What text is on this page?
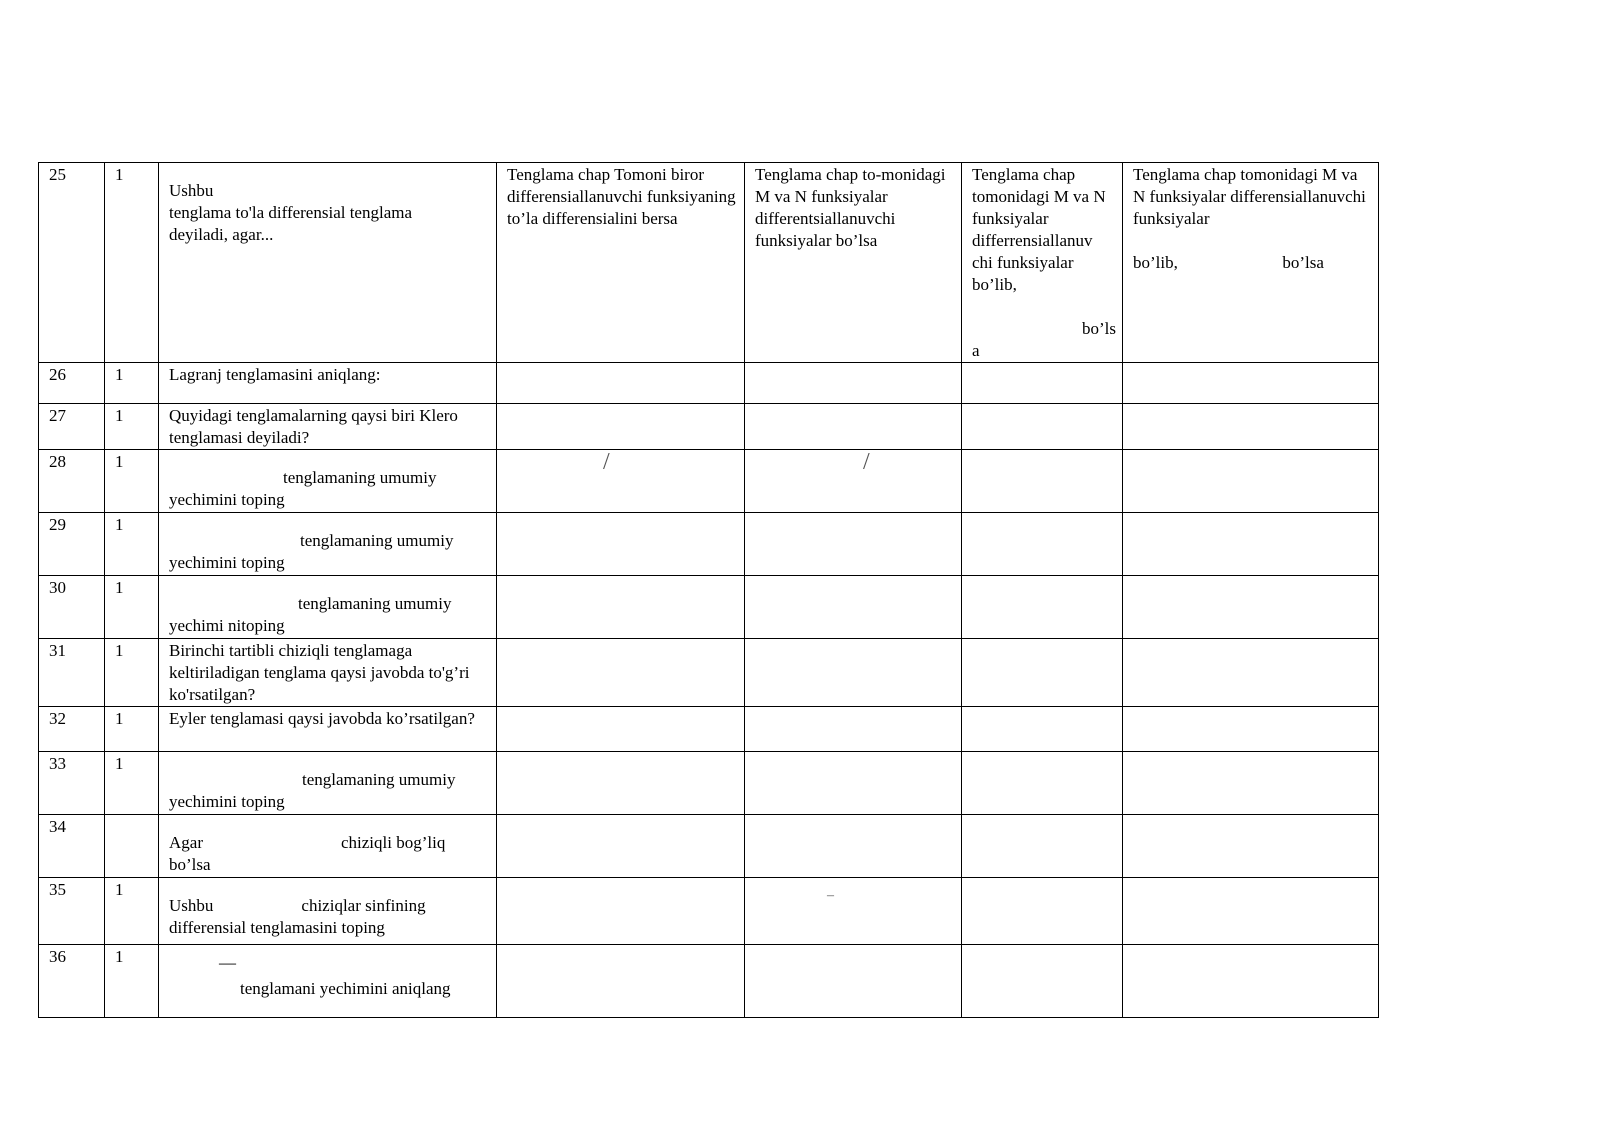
25	1	Ushbu
tenglama to'la differensial tenglama
deyiladi, agar...	Tenglama chap Tomoni biror differensiallanuvchi funksiyaning to’la differensialini bersa	Tenglama chap to-monidagi M va N funksiyalar differentsiallanuvchi funksiyalar bo’lsa	Tenglama chap tomonidagi M va N funksiyalar differrensiallanuv chi funksiyalar bo’lib,
bo’ls
a	Tenglama chap tomonidagi M va N funksiyalar differensiallanuvchi funksiyalar
bo’lib, bo’lsa

26	1	Lagranj tenglamasini aniqlang:				
27	1	Quyidagi tenglamalarning qaysi biri Klero tenglamasi deyiladi?				
28	1	tenglamaning umumiy
yechimini toping	/	/		

29	1	tenglamaning umumiy
yechimini toping				

30	1	tenglamaning umumiy
yechimi nitoping				

31	1	Birinchi tartibli chiziqli tenglamaga keltiriladigan tenglama qaysi javobda to'g’ri ko'rsatilgan?				
32	1	Eyler tenglamasi qaysi javobda ko’rsatilgan?				
33	1	tenglamaning umumiy
yechimini toping				

34		Agar chiziqli bog’liq
bo’lsa				

35	1	Ushbu chiziqlar sinfining
differensial tenglamasini toping		–		

36	1	—
tenglamani yechimini aniqlang				
